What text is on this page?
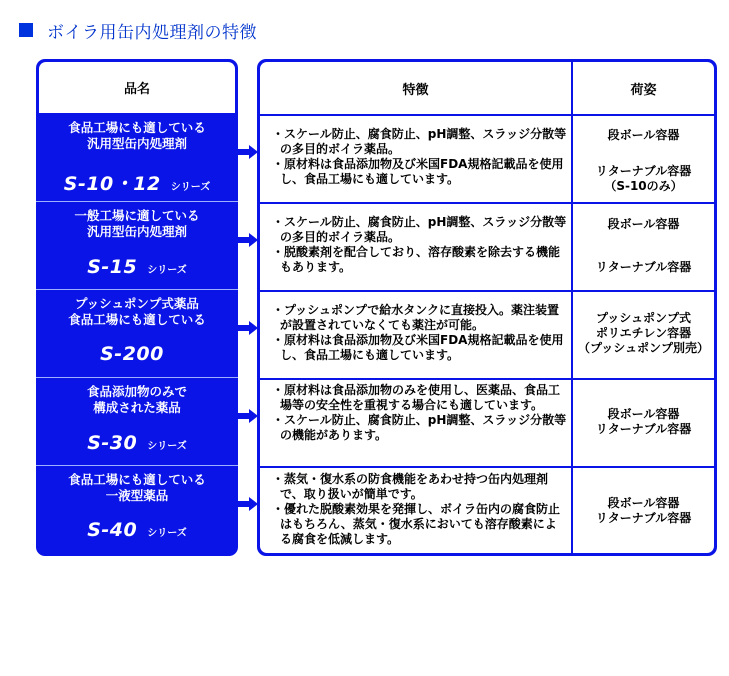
ボイラ用缶内処理剤の特徴
品名
食品工場にも適している
汎用型缶内処理剤
S-10・12 シリーズ
一般工場に適している
汎用型缶内処理剤
S-15 シリーズ
プッシュポンプ式薬品
食品工場にも適している
S-200
食品添加物のみで
構成された薬品
S-30 シリーズ
食品工場にも適している
一液型薬品
S-40 シリーズ
特徴	荷姿
・スケール防止、腐食防止、pH調整、スラッジ分散等の多目的ボイラ薬品。
・原材料は食品添加物及び米国FDA規格記載品を使用し、食品工場にも適しています。
段ボール容器
リターナブル容器
（S-10のみ）
・スケール防止、腐食防止、pH調整、スラッジ分散等の多目的ボイラ薬品。
・脱酸素剤を配合しており、溶存酸素を除去する機能もあります。
段ボール容器
リターナブル容器
・プッシュポンプで給水タンクに直接投入。薬注装置が設置されていなくても薬注が可能。
・原材料は食品添加物及び米国FDA規格記載品を使用し、食品工場にも適しています。
プッシュポンプ式
ポリエチレン容器
（プッシュポンプ別売）
・原材料は食品添加物のみを使用し、医薬品、食品工場等の安全性を重視する場合にも適しています。
・スケール防止、腐食防止、pH調整、スラッジ分散等の機能があります。
段ボール容器
リターナブル容器
・蒸気・復水系の防食機能をあわせ持つ缶内処理剤で、取り扱いが簡単です。
・優れた脱酸素効果を発揮し、ボイラ缶内の腐食防止はもちろん、蒸気・復水系においても溶存酸素による腐食を低減します。
段ボール容器
リターナブル容器
